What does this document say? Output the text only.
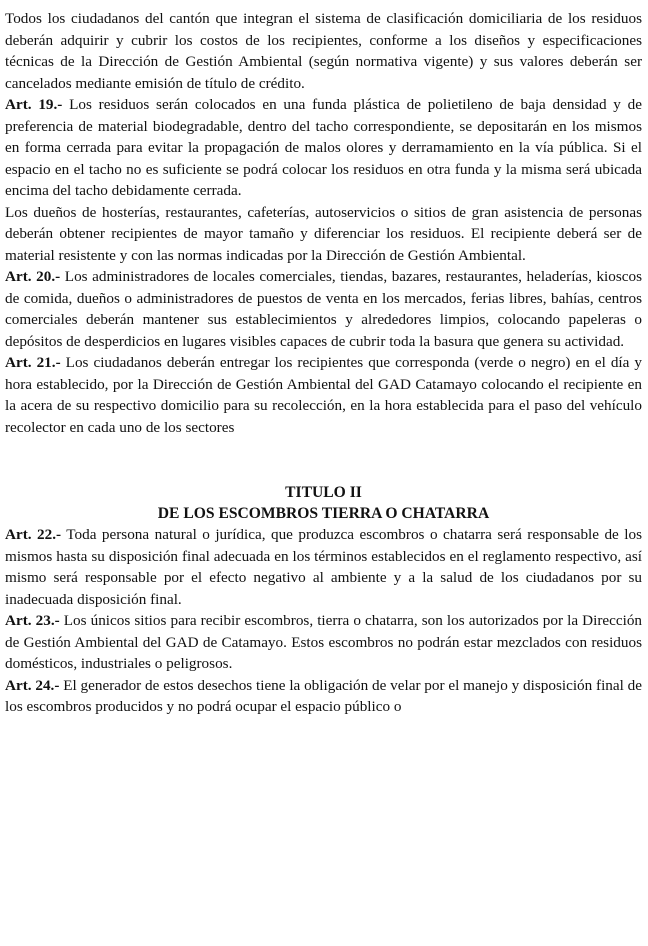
Todos los ciudadanos del cantón que integran el sistema de clasificación domiciliaria de los residuos deberán adquirir y cubrir los costos de los recipientes, conforme a los diseños y especificaciones técnicas de la Dirección de Gestión Ambiental (según normativa vigente) y sus valores deberán ser cancelados mediante emisión de título de crédito.

Art. 19.- Los residuos serán colocados en una funda plástica de polietileno de baja densidad y de preferencia de material biodegradable, dentro del tacho correspondiente, se depositarán en los mismos en forma cerrada para evitar la propagación de malos olores y derramamiento en la vía pública. Si el espacio en el tacho no es suficiente se podrá colocar los residuos en otra funda y la misma será ubicada encima del tacho debidamente cerrada.

Los dueños de hosterías, restaurantes, cafeterías, autoservicios o sitios de gran asistencia de personas deberán obtener recipientes de mayor tamaño y diferenciar los residuos. El recipiente deberá ser de material resistente y con las normas indicadas por la Dirección de Gestión Ambiental.

Art. 20.- Los administradores de locales comerciales, tiendas, bazares, restaurantes, heladerías, kioscos de comida, dueños o administradores de puestos de venta en los mercados, ferias libres, bahías, centros comerciales deberán mantener sus establecimientos y alrededores limpios, colocando papeleras o depósitos de desperdicios en lugares visibles capaces de cubrir toda la basura que genera su actividad.

Art. 21.- Los ciudadanos deberán entregar los recipientes que corresponda (verde o negro) en el día y hora establecido, por la Dirección de Gestión Ambiental del GAD Catamayo colocando el recipiente en la acera de su respectivo domicilio para su recolección, en la hora establecida para el paso del vehículo recolector en cada uno de los sectores

TITULO II
DE LOS ESCOMBROS TIERRA O CHATARRA

Art. 22.- Toda persona natural o jurídica, que produzca escombros o chatarra será responsable de los mismos hasta su disposición final adecuada en los términos establecidos en el reglamento respectivo, así mismo será responsable por el efecto negativo al ambiente y a la salud de los ciudadanos por su inadecuada disposición final.

Art. 23.- Los únicos sitios para recibir escombros, tierra o chatarra, son los autorizados por la Dirección de Gestión Ambiental del GAD de Catamayo. Estos escombros no podrán estar mezclados con residuos domésticos, industriales o peligrosos.

Art. 24.- El generador de estos desechos tiene la obligación de velar por el manejo y disposición final de los escombros producidos y no podrá ocupar el espacio público o
